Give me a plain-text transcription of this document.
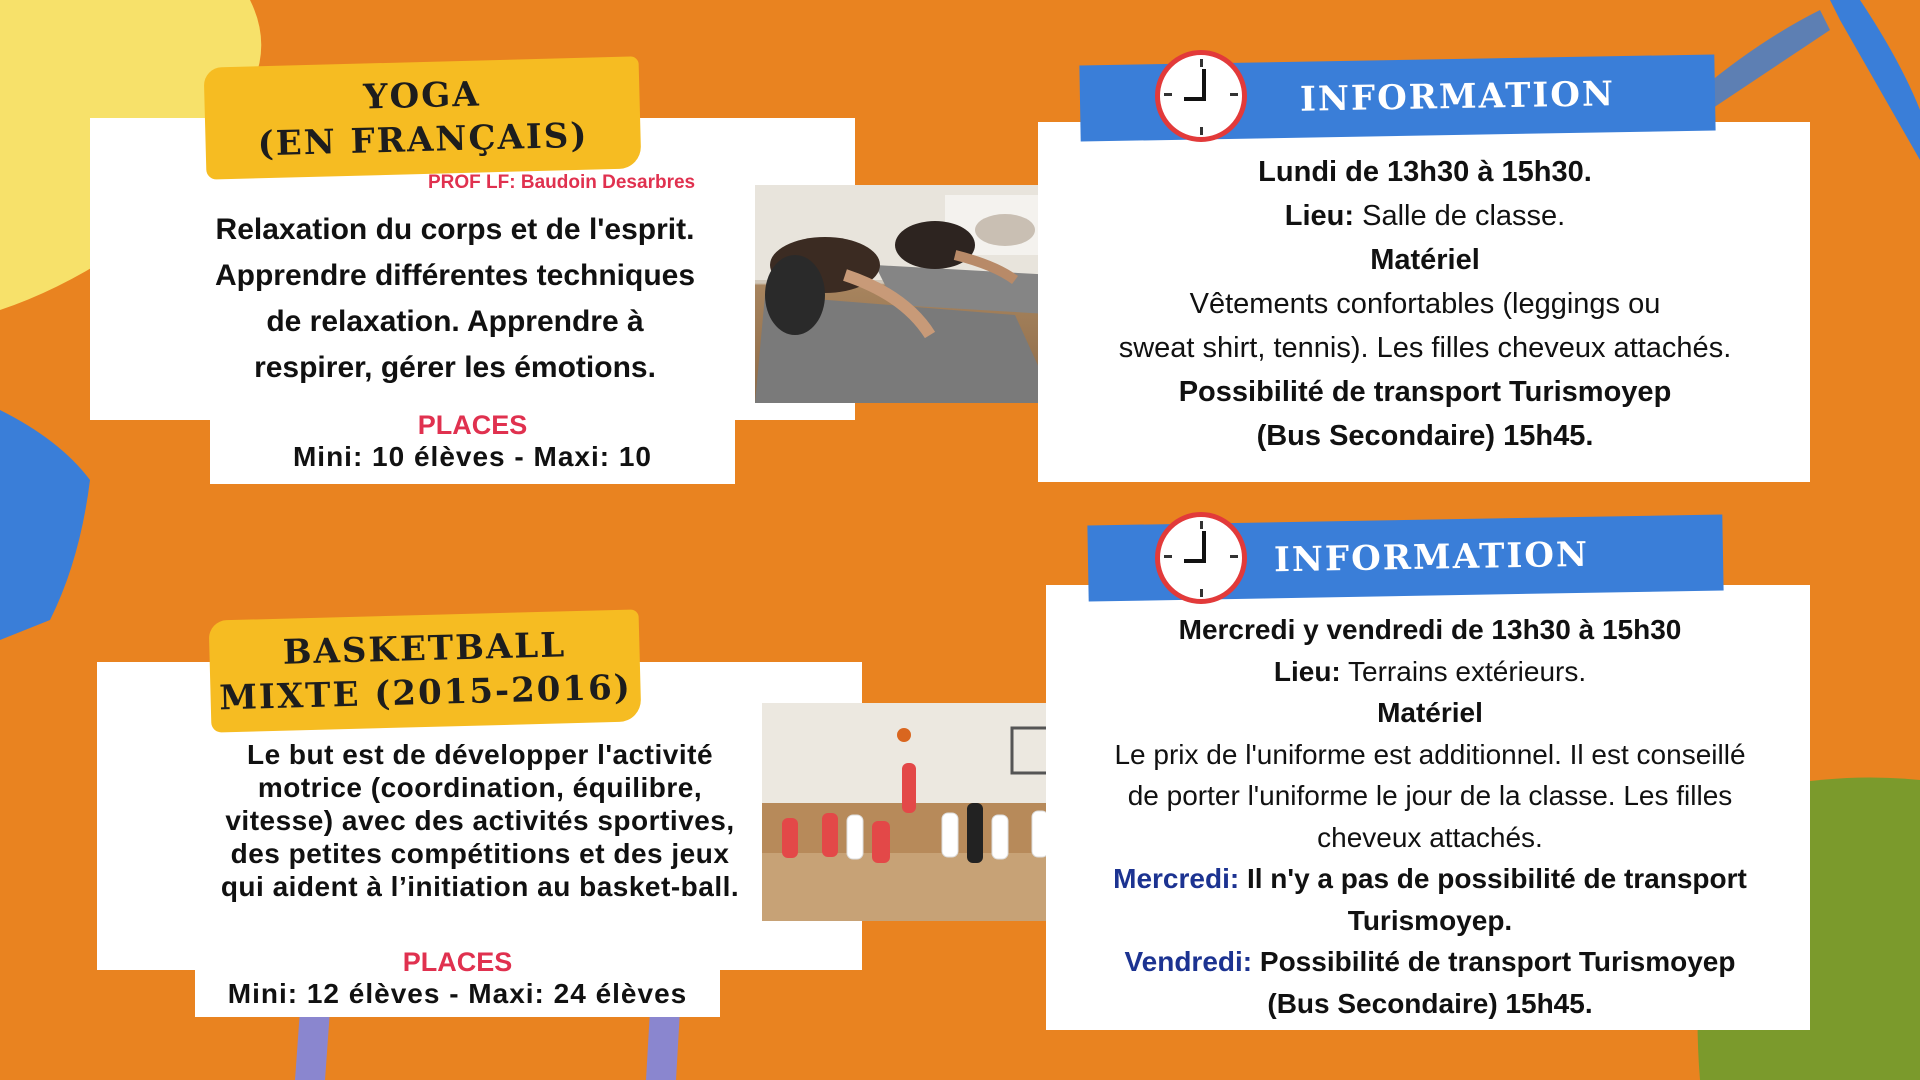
YOGA
(EN FRANÇAIS)
PROF LF: Baudoin Desarbres
Relaxation du corps et de l'esprit.
Apprendre différentes techniques
de relaxation. Apprendre à
respirer, gérer les émotions.
PLACES
Mini: 10 élèves - Maxi: 10
INFORMATION
Lundi de 13h30 à 15h30.
Lieu: Salle de classe.
Matériel
Vêtements confortables (leggings ou
sweat shirt, tennis). Les filles cheveux attachés.
Possibilité de transport Turismoyep
(Bus Secondaire) 15h45.
BASKETBALL
MIXTE (2015-2016)
Le but est de développer l'activité
motrice (coordination, équilibre,
vitesse) avec des activités sportives,
des petites compétitions et des jeux
qui aident à l’initiation au basket-ball.
PLACES
Mini: 12 élèves - Maxi: 24 élèves
INFORMATION
Mercredi y vendredi de 13h30 à 15h30
Lieu: Terrains extérieurs.
Matériel
Le prix de l'uniforme est additionnel. Il est conseillé
de porter l'uniforme le jour de la classe. Les filles
cheveux attachés.
Mercredi: Il n'y a pas de possibilité de transport
Turismoyep.
Vendredi: Possibilité de transport Turismoyep
(Bus Secondaire) 15h45.
